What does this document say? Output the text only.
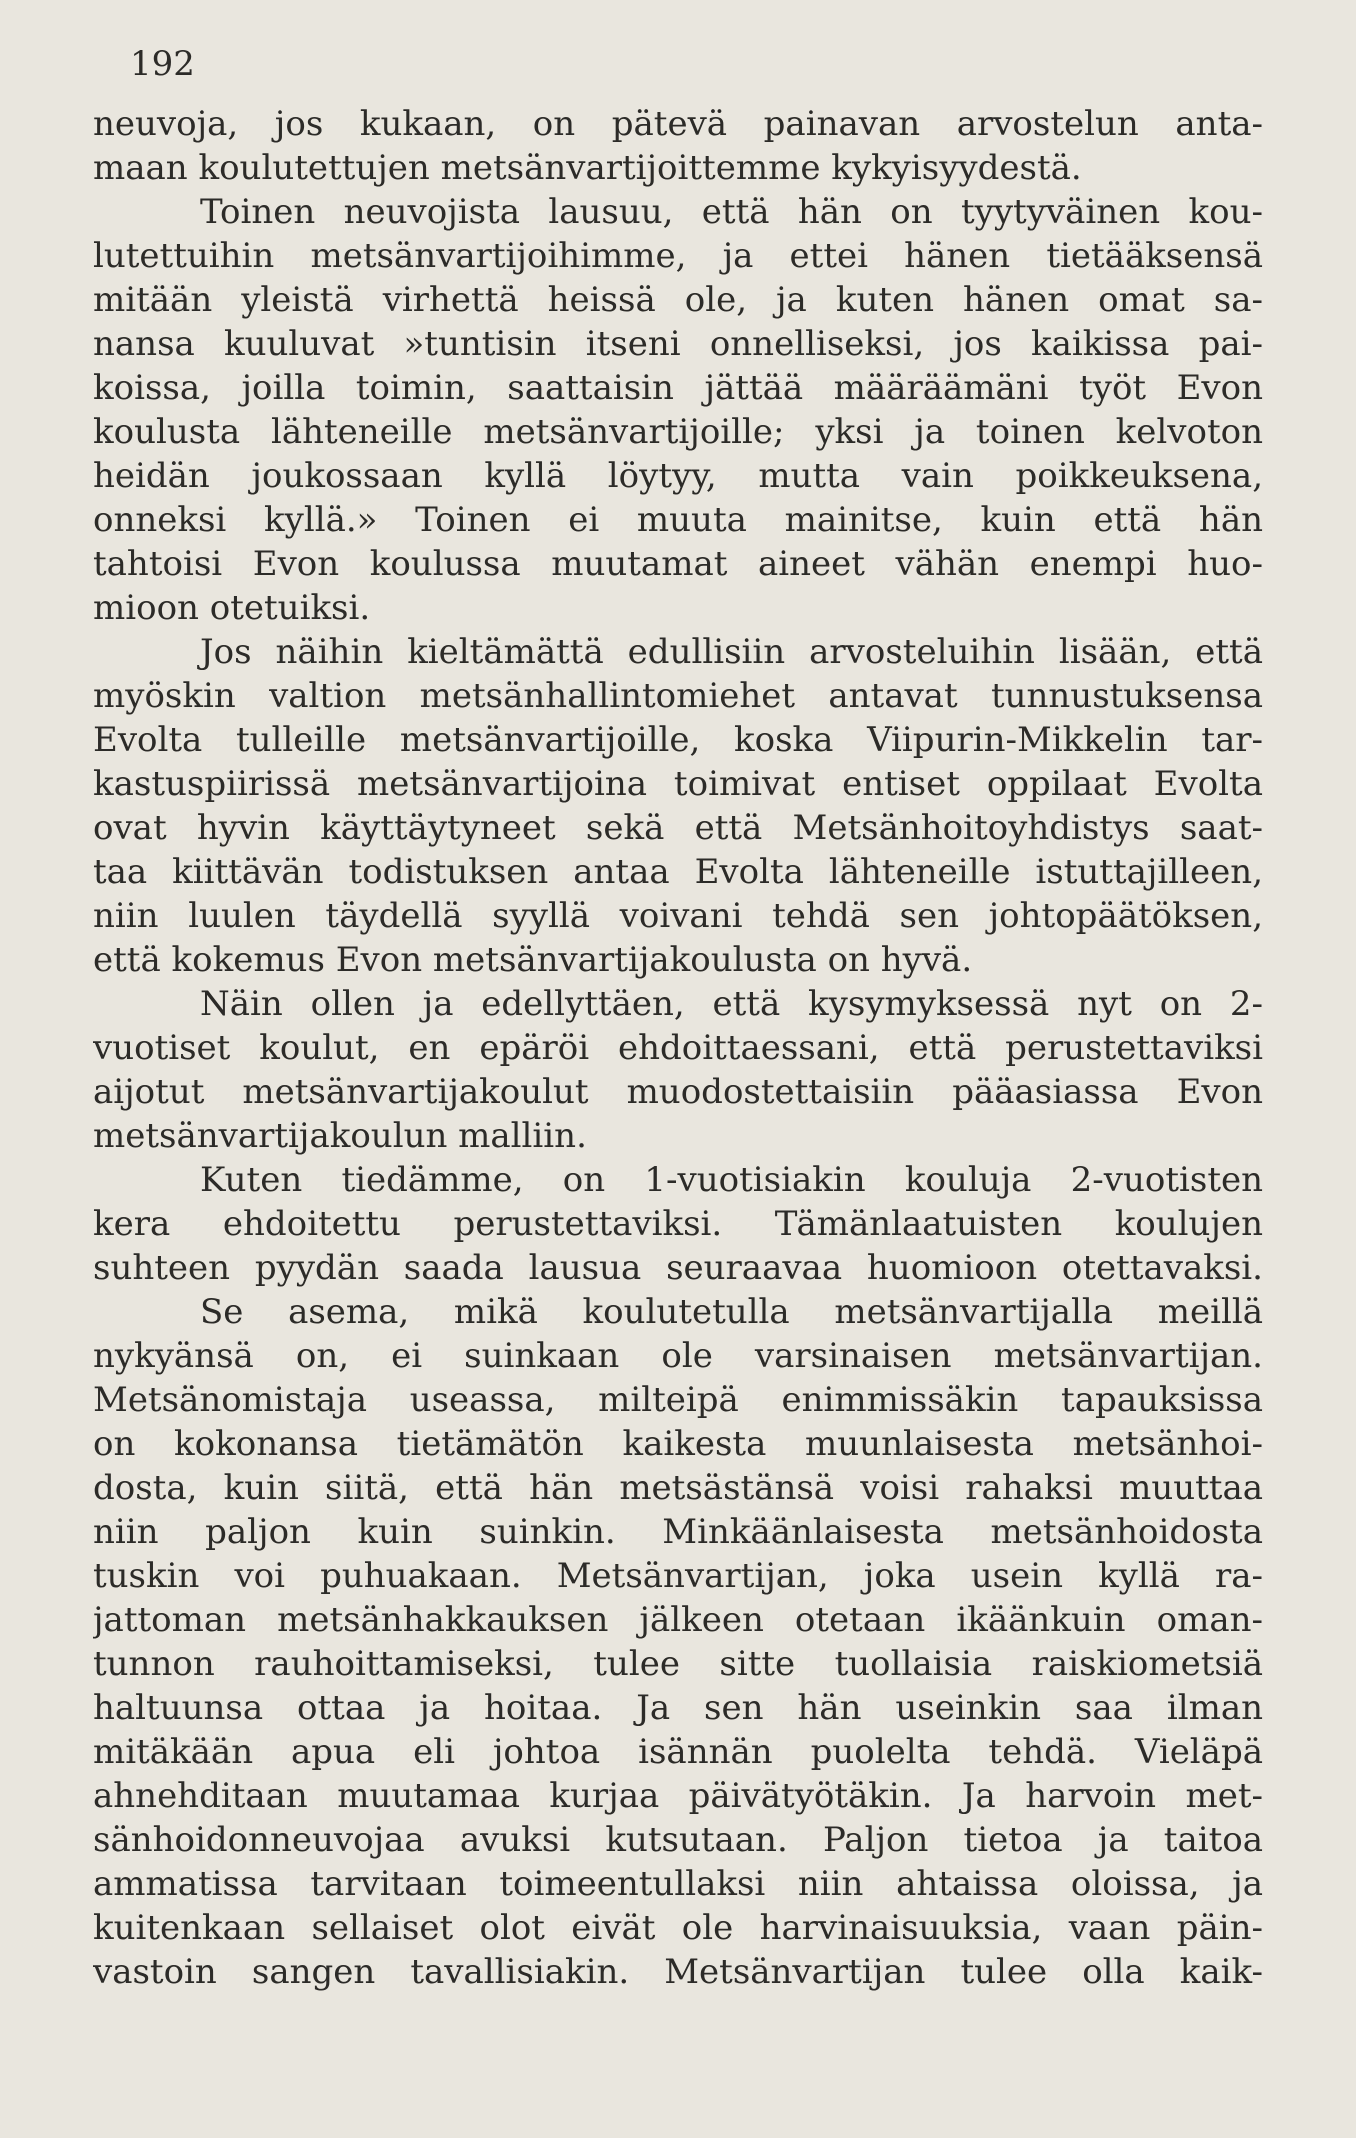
192
neuvoja, jos kukaan, on pätevä painavan arvostelun anta-
maan koulutettujen metsänvartijoittemme kykyisyydestä.
Toinen neuvojista lausuu, että hän on tyytyväinen kou-
lutettuihin metsänvartijoihimme, ja ettei hänen tietääksensä
mitään yleistä virhettä heissä ole, ja kuten hänen omat sa-
nansa kuuluvat »tuntisin itseni onnelliseksi, jos kaikissa pai-
koissa, joilla toimin, saattaisin jättää määräämäni työt Evon
koulusta lähteneille metsänvartijoille; yksi ja toinen kelvoton
heidän joukossaan kyllä löytyy, mutta vain poikkeuksena,
onneksi kyllä.» Toinen ei muuta mainitse, kuin että hän
tahtoisi Evon koulussa muutamat aineet vähän enempi huo-
mioon otetuiksi.
Jos näihin kieltämättä edullisiin arvosteluihin lisään, että
myöskin valtion metsänhallintomiehet antavat tunnustuksensa
Evolta tulleille metsänvartijoille, koska Viipurin-Mikkelin tar-
kastuspiirissä metsänvartijoina toimivat entiset oppilaat Evolta
ovat hyvin käyttäytyneet sekä että Metsänhoitoyhdistys saat-
taa kiittävän todistuksen antaa Evolta lähteneille istuttajilleen,
niin luulen täydellä syyllä voivani tehdä sen johtopäätöksen,
että kokemus Evon metsänvartijakoulusta on hyvä.
Näin ollen ja edellyttäen, että kysymyksessä nyt on 2-
vuotiset koulut, en epäröi ehdoittaessani, että perustettaviksi
aijotut metsänvartijakoulut muodostettaisiin pääasiassa Evon
metsänvartijakoulun malliin.
Kuten tiedämme, on 1-vuotisiakin kouluja 2-vuotisten
kera ehdoitettu perustettaviksi. Tämänlaatuisten koulujen
suhteen pyydän saada lausua seuraavaa huomioon otettavaksi.
Se asema, mikä koulutetulla metsänvartijalla meillä
nykyänsä on, ei suinkaan ole varsinaisen metsänvartijan.
Metsänomistaja useassa, milteipä enimmissäkin tapauksissa
on kokonansa tietämätön kaikesta muunlaisesta metsänhoi-
dosta, kuin siitä, että hän metsästänsä voisi rahaksi muuttaa
niin paljon kuin suinkin. Minkäänlaisesta metsänhoidosta
tuskin voi puhuakaan. Metsänvartijan, joka usein kyllä ra-
jattoman metsänhakkauksen jälkeen otetaan ikäänkuin oman-
tunnon rauhoittamiseksi, tulee sitte tuollaisia raiskiometsiä
haltuunsa ottaa ja hoitaa. Ja sen hän useinkin saa ilman
mitäkään apua eli johtoa isännän puolelta tehdä. Vieläpä
ahnehditaan muutamaa kurjaa päivätyötäkin. Ja harvoin met-
sänhoidonneuvojaa avuksi kutsutaan. Paljon tietoa ja taitoa
ammatissa tarvitaan toimeentullaksi niin ahtaissa oloissa, ja
kuitenkaan sellaiset olot eivät ole harvinaisuuksia, vaan päin-
vastoin sangen tavallisiakin. Metsänvartijan tulee olla kaik-
